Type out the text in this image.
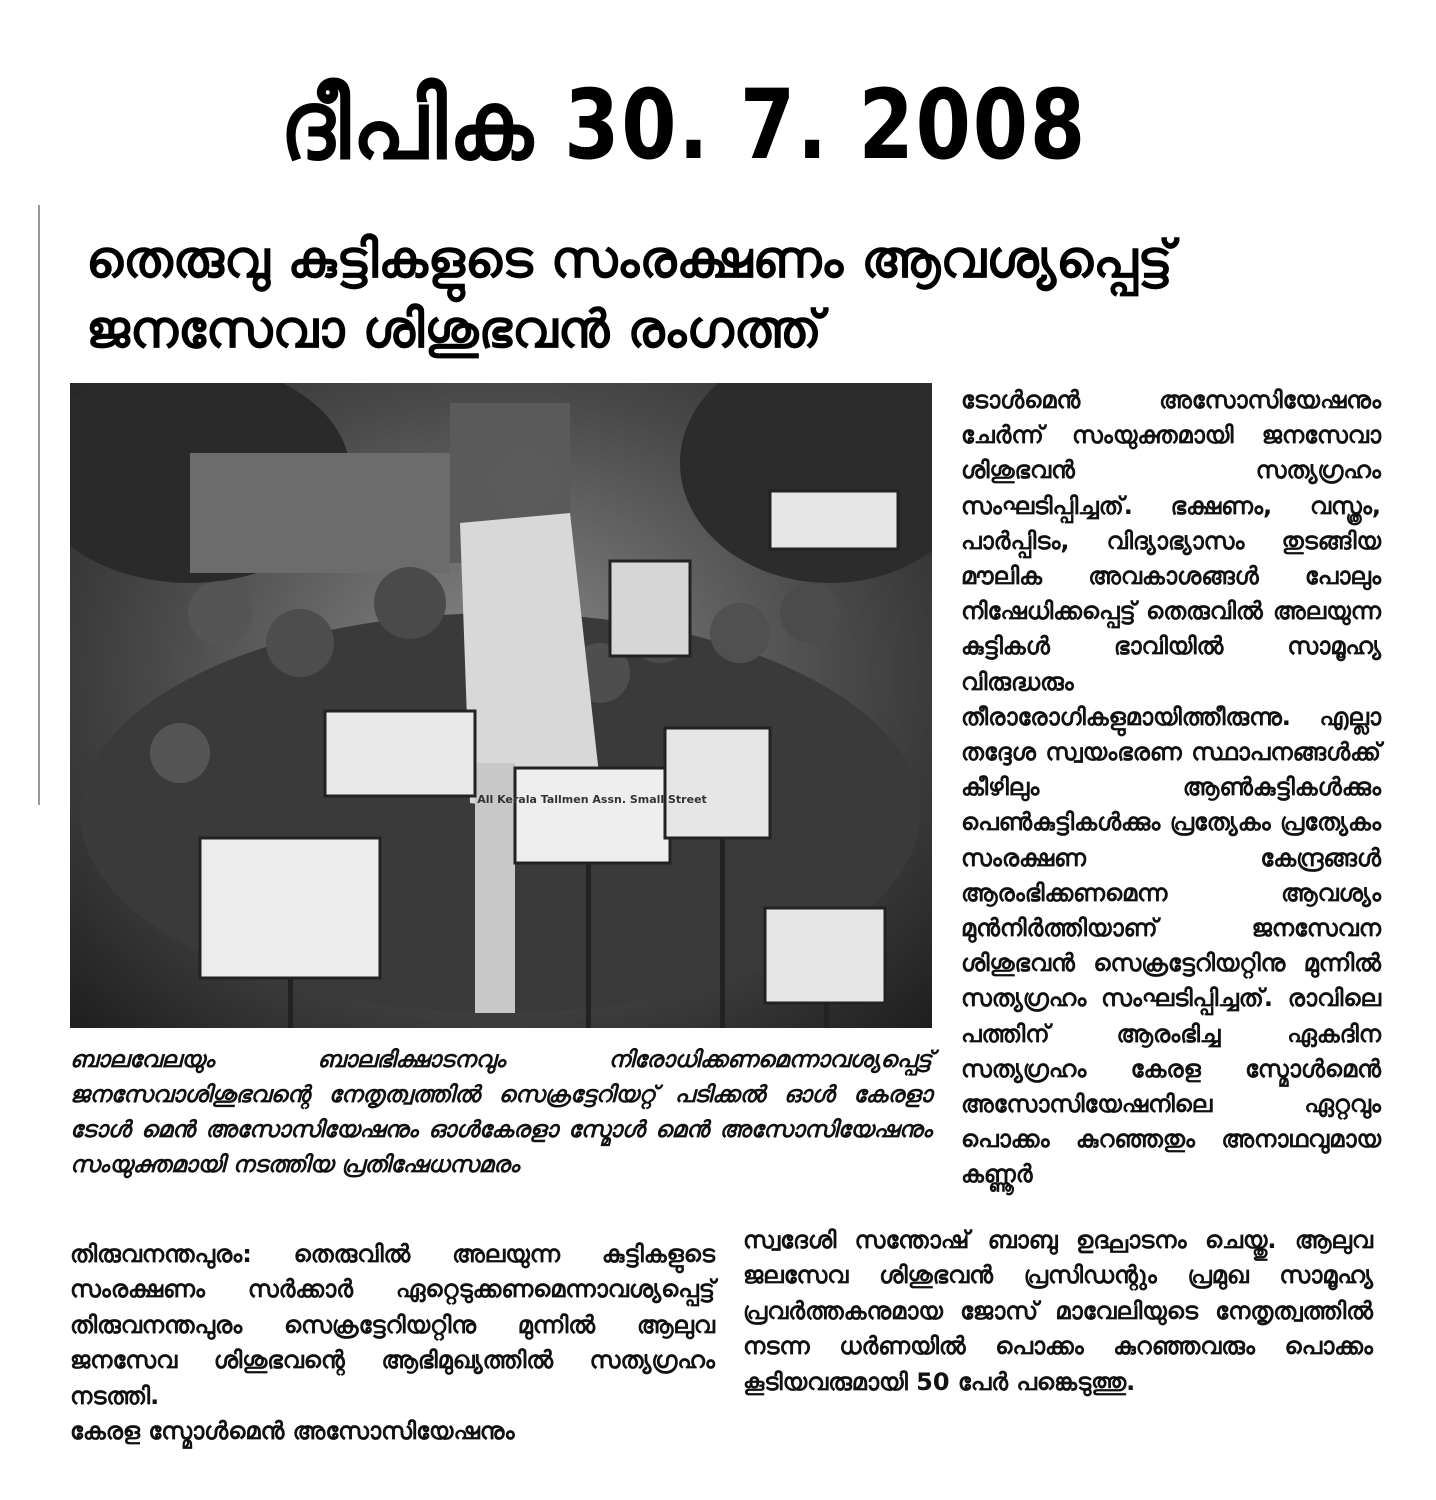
ദീപിക 30. 7. 2008
തെരുവു കുട്ടികളുടെ സംരക്ഷണം ആവശ്യപ്പെട്ട്
ജനസേവാ ശിശുഭവന്‍ രംഗത്ത്
All Kerala Tallmen Assn. Small Street
ബാലവേലയും ബാലഭിക്ഷാടനവും നിരോധിക്കണമെന്നാവശ്യപ്പെട്ട് ജനസേവാശിശുഭവന്റെ നേതൃത്വത്തില്‍ സെക്രട്ടേറിയറ്റ് പടിക്കല്‍ ഓള്‍ കേരളാ ടോള്‍ മെന്‍ അസോസിയേഷനും ഓള്‍കേരളാ സ്മോള്‍ മെന്‍ അസോസിയേഷനും സംയുക്തമായി നടത്തിയ പ്രതിഷേധസമരം

ടോള്‍മെന്‍ അസോസിയേഷനും ചേര്‍ന്ന് സംയുക്തമായി ജനസേവാ ശിശുഭവന്‍ സത്യഗ്രഹം സംഘടിപ്പിച്ചത്. ഭക്ഷണം, വസ്ത്രം, പാര്‍പ്പിടം, വിദ്യാഭ്യാസം തുടങ്ങിയ മൗലിക അവകാശങ്ങള്‍ പോലും നിഷേധിക്കപ്പെട്ട് തെരുവില്‍ അലയുന്ന കുട്ടികള്‍ ഭാവിയില്‍ സാമൂഹ്യ വിരുദ്ധരും തീരാരോഗികളുമായിത്തീരുന്നു. എല്ലാ തദ്ദേശ സ്വയംഭരണ സ്ഥാപനങ്ങള്‍ക്ക് കീഴിലും ആണ്‍കുട്ടികള്‍ക്കും പെണ്‍കുട്ടികള്‍ക്കും പ്രത്യേകം പ്രത്യേകം സംരക്ഷണ കേന്ദ്രങ്ങള്‍ ആരംഭിക്കണമെന്ന ആവശ്യം മുന്‍നിര്‍ത്തിയാണ് ജനസേവന ശിശുഭവന്‍ സെക്രട്ടേറിയറ്റിനു മുന്നില്‍ സത്യഗ്രഹം സംഘടിപ്പിച്ചത്. രാവിലെ പത്തിന് ആരംഭിച്ച ഏകദിന സത്യഗ്രഹം കേരള സ്മോള്‍മെന്‍ അസോസിയേഷനിലെ ഏറ്റവും പൊക്കം കുറഞ്ഞതും അനാഥവുമായ കണ്ണൂര്‍

തിരുവനന്തപുരം: തെരുവില്‍ അലയുന്ന കുട്ടികളുടെ സംരക്ഷണം സര്‍ക്കാര്‍ ഏറ്റെടുക്കണമെന്നാവശ്യപ്പെട്ട് തിരുവനന്തപുരം സെക്രട്ടേറിയറ്റിനു മുന്നില്‍ ആലുവ ജനസേവ ശിശുഭവന്റെ ആഭിമുഖ്യത്തില്‍ സത്യഗ്രഹം നടത്തി.

കേരള സ്മോള്‍മെന്‍ അസോസിയേഷനും

സ്വദേശി സന്തോഷ് ബാബു ഉദ്ഘാടനം ചെയ്തു. ആലുവ ജലസേവ ശിശുഭവന്‍ പ്രസിഡന്റും പ്രമുഖ സാമൂഹ്യ പ്രവര്‍ത്തകനുമായ ജോസ് മാവേലിയുടെ നേതൃത്വത്തില്‍ നടന്ന ധര്‍ണയില്‍ പൊക്കം കുറഞ്ഞവരും പൊക്കം കൂടിയവരുമായി 50 പേര്‍ പങ്കെടുത്തു.
